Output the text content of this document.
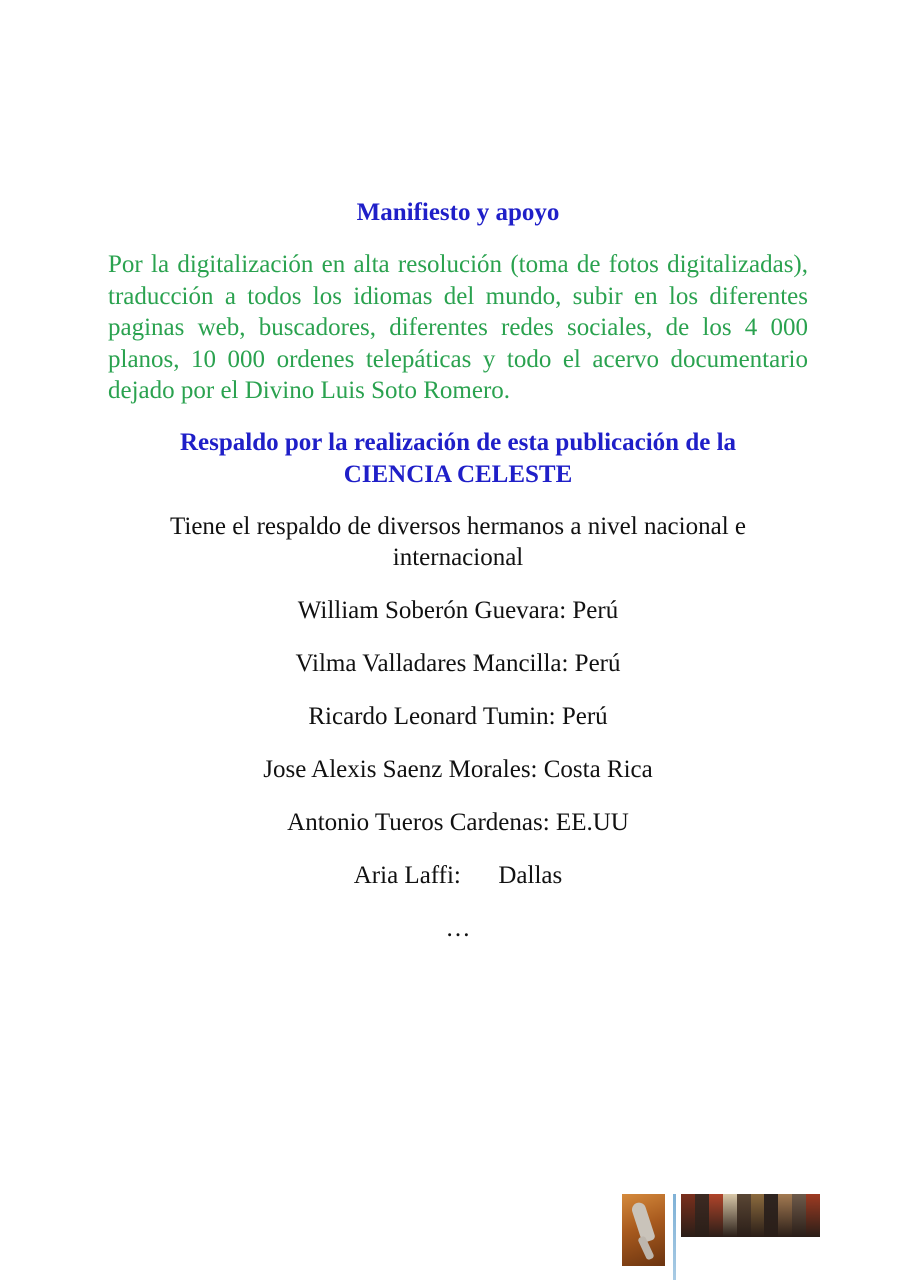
Manifiesto y apoyo

Por la digitalización en alta resolución (toma de fotos digitalizadas), traducción a todos los idiomas del mundo, subir en los diferentes paginas web, buscadores, diferentes redes sociales, de los 4 000 planos, 10 000 ordenes telepáticas y todo el acervo documentario dejado por el Divino Luis Soto Romero.

Respaldo por la realización de esta publicación de la
CIENCIA CELESTE

Tiene el respaldo de diversos hermanos a nivel nacional e internacional

William Soberón Guevara: Perú

Vilma Valladares Mancilla: Perú

Ricardo Leonard Tumin: Perú

Jose Alexis Saenz Morales: Costa Rica

Antonio Tueros Cardenas: EE.UU

Aria Laffi:      Dallas

…
